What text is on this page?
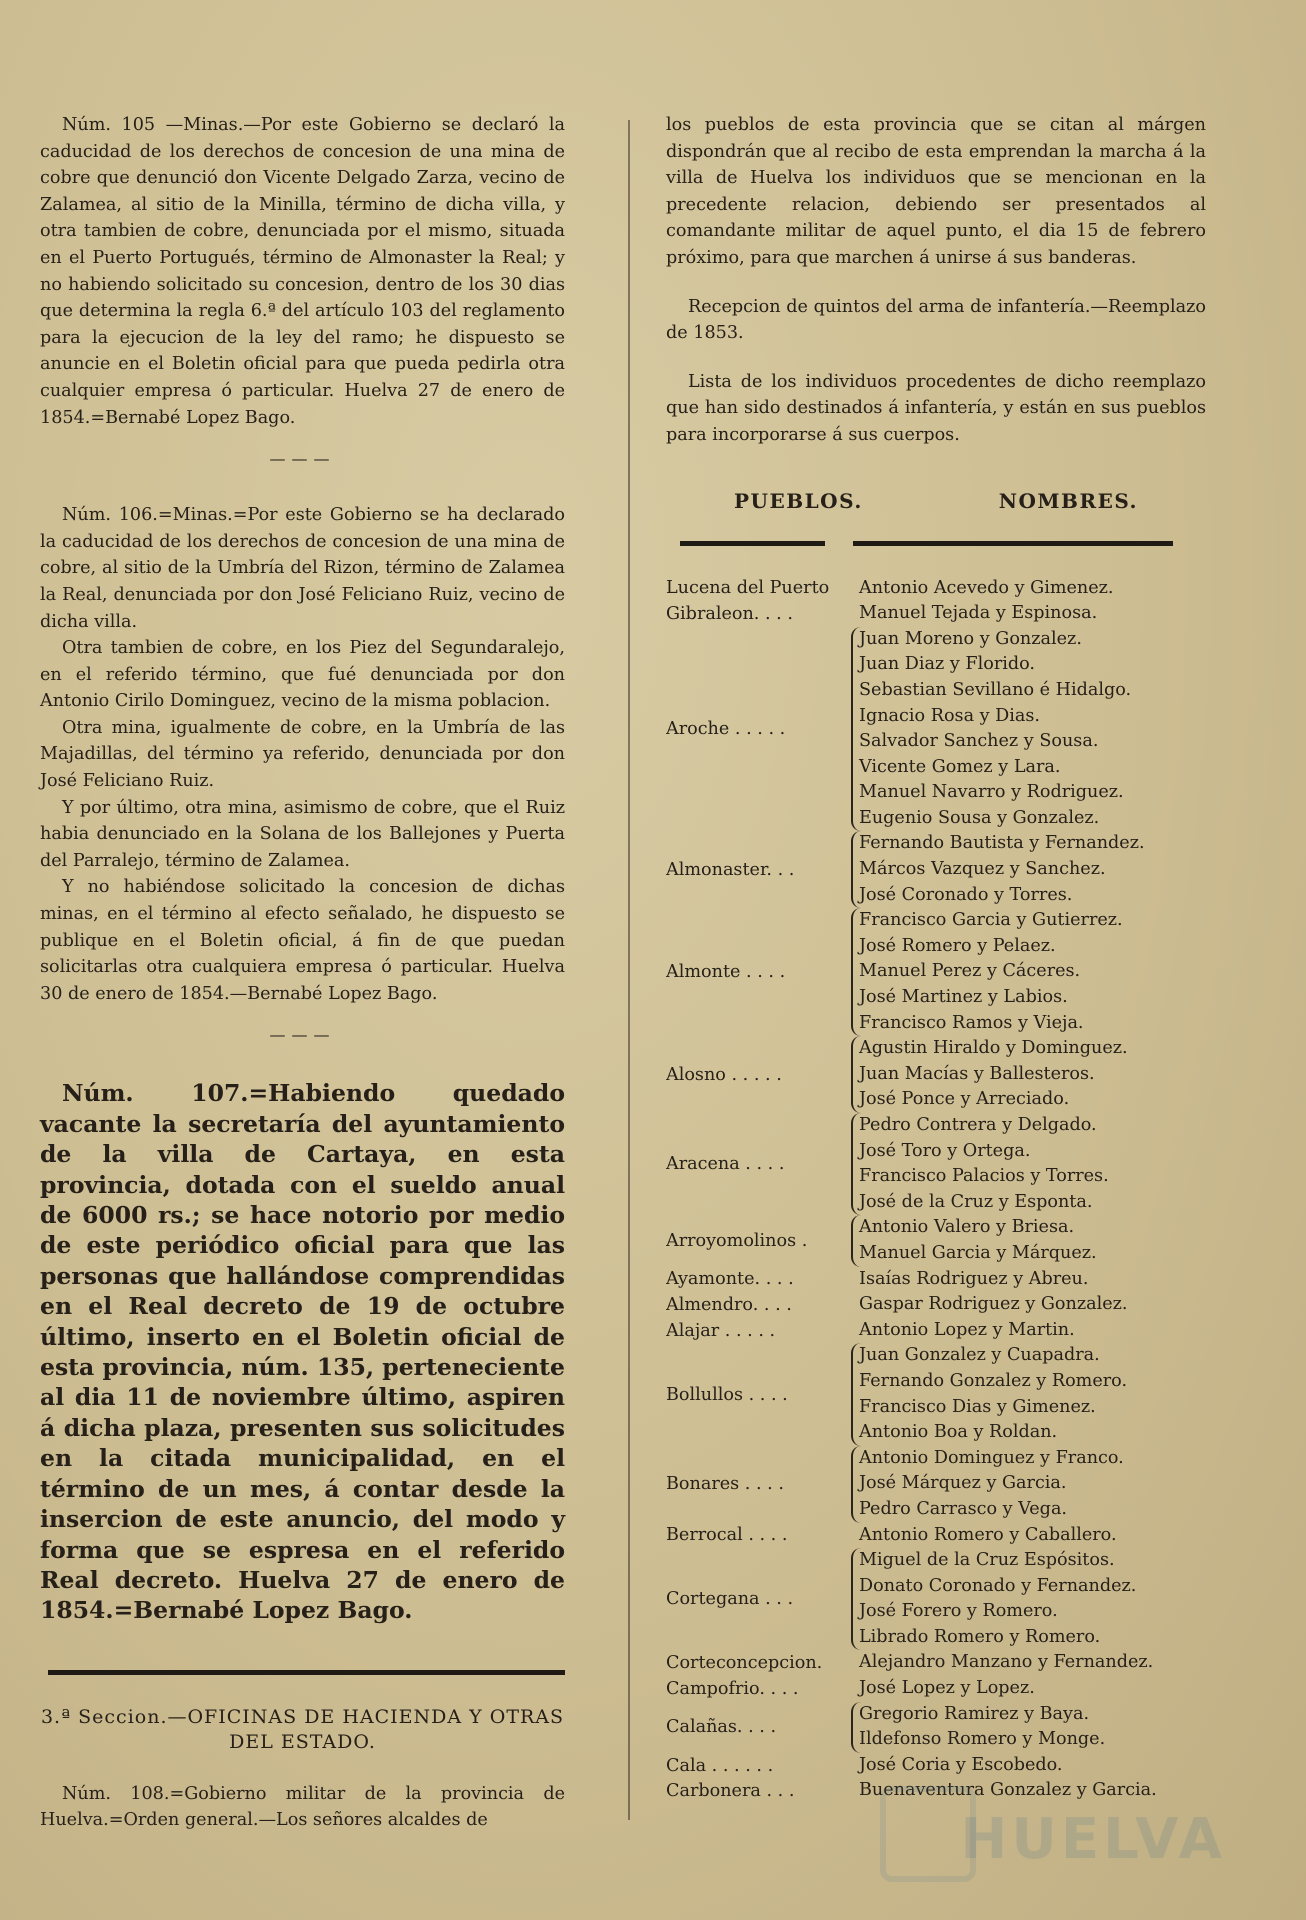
Núm. 105 —Minas.—Por este Gobierno se declaró la caducidad de los derechos de concesion de una mina de cobre que denunció don Vicente Delgado Zarza, vecino de Zalamea, al sitio de la Minilla, término de dicha villa, y otra tambien de cobre, denunciada por el mismo, situada en el Puerto Portugués, término de Almonaster la Real; y no habiendo solicitado su concesion, dentro de los 30 dias que determina la regla 6.ª del artículo 103 del reglamento para la ejecucion de la ley del ramo; he dispuesto se anuncie en el Boletin oficial para que pueda pedirla otra cualquier empresa ó particular. Huelva 27 de enero de 1854.=Bernabé Lopez Bago.

———

Núm. 106.=Minas.=Por este Gobierno se ha declarado la caducidad de los derechos de concesion de una mina de cobre, al sitio de la Umbría del Rizon, término de Zalamea la Real, denunciada por don José Feliciano Ruiz, vecino de dicha villa.

Otra tambien de cobre, en los Piez del Segundaralejo, en el referido término, que fué denunciada por don Antonio Cirilo Dominguez, vecino de la misma poblacion.

Otra mina, igualmente de cobre, en la Umbría de las Majadillas, del término ya referido, denunciada por don José Feliciano Ruiz.

Y por último, otra mina, asimismo de cobre, que el Ruiz habia denunciado en la Solana de los Ballejones y Puerta del Parralejo, término de Zalamea.

Y no habiéndose solicitado la concesion de dichas minas, en el término al efecto señalado, he dispuesto se publique en el Boletin oficial, á fin de que puedan solicitarlas otra cualquiera empresa ó particular. Huelva 30 de enero de 1854.—Bernabé Lopez Bago.

———

Núm. 107.=Habiendo quedado vacante la secretaría del ayuntamiento de la villa de Cartaya, en esta provincia, dotada con el sueldo anual de 6000 rs.; se hace notorio por medio de este periódico oficial para que las personas que hallándose comprendidas en el Real decreto de 19 de octubre último, inserto en el Boletin oficial de esta provincia, núm. 135, perteneciente al dia 11 de noviembre último, aspiren á dicha plaza, presenten sus solicitudes en la citada municipalidad, en el término de un mes, á contar desde la insercion de este anuncio, del modo y forma que se espresa en el referido Real decreto. Huelva 27 de enero de 1854.=Bernabé Lopez Bago.

3.ª Seccion.—OFICINAS DE HACIENDA Y OTRAS DEL ESTADO.

Núm. 108.=Gobierno militar de la provincia de Huelva.=Orden general.—Los señores alcaldes de

los pueblos de esta provincia que se citan al márgen dispondrán que al recibo de esta emprendan la marcha á la villa de Huelva los individuos que se mencionan en la precedente relacion, debiendo ser presentados al comandante militar de aquel punto, el dia 15 de febrero próximo, para que marchen á unirse á sus banderas.

Recepcion de quintos del arma de infantería.—Reemplazo de 1853.

Lista de los individuos procedentes de dicho reemplazo que han sido destinados á infantería, y están en sus pueblos para incorporarse á sus cuerpos.

PUEBLOS.	NOMBRES.
Lucena del Puerto	Antonio Acevedo y Gimenez.
Gibraleon. . . .	Manuel Tejada y Espinosa.
Aroche . . . . .
Juan Moreno y Gonzalez.
Juan Diaz y Florido.
Sebastian Sevillano é Hidalgo.
Ignacio Rosa y Dias.
Salvador Sanchez y Sousa.
Vicente Gomez y Lara.
Manuel Navarro y Rodriguez.
Eugenio Sousa y Gonzalez.
Almonaster. . .
Fernando Bautista y Fernandez.
Márcos Vazquez y Sanchez.
José Coronado y Torres.
Almonte . . . .
Francisco Garcia y Gutierrez.
José Romero y Pelaez.
Manuel Perez y Cáceres.
José Martinez y Labios.
Francisco Ramos y Vieja.
Alosno . . . . .
Agustin Hiraldo y Dominguez.
Juan Macías y Ballesteros.
José Ponce y Arreciado.
Aracena . . . .
Pedro Contrera y Delgado.
José Toro y Ortega.
Francisco Palacios y Torres.
José de la Cruz y Esponta.
Arroyomolinos .
Antonio Valero y Briesa.
Manuel Garcia y Márquez.
Ayamonte. . . .	Isaías Rodriguez y Abreu.
Almendro. . . .	Gaspar Rodriguez y Gonzalez.
Alajar . . . . .	Antonio Lopez y Martin.
Bollullos . . . .
Juan Gonzalez y Cuapadra.
Fernando Gonzalez y Romero.
Francisco Dias y Gimenez.
Antonio Boa y Roldan.
Bonares . . . .
Antonio Dominguez y Franco.
José Márquez y Garcia.
Pedro Carrasco y Vega.
Berrocal . . . .	Antonio Romero y Caballero.
Cortegana . . .
Miguel de la Cruz Espósitos.
Donato Coronado y Fernandez.
José Forero y Romero.
Librado Romero y Romero.
Corteconcepcion.	Alejandro Manzano y Fernandez.
Campofrio. . . .	José Lopez y Lopez.
Calañas. . . .
Gregorio Ramirez y Baya.
Ildefonso Romero y Monge.
Cala . . . . . .	José Coria y Escobedo.
Carbonera . . .	Buenaventura Gonzalez y Garcia.
HUELVA
